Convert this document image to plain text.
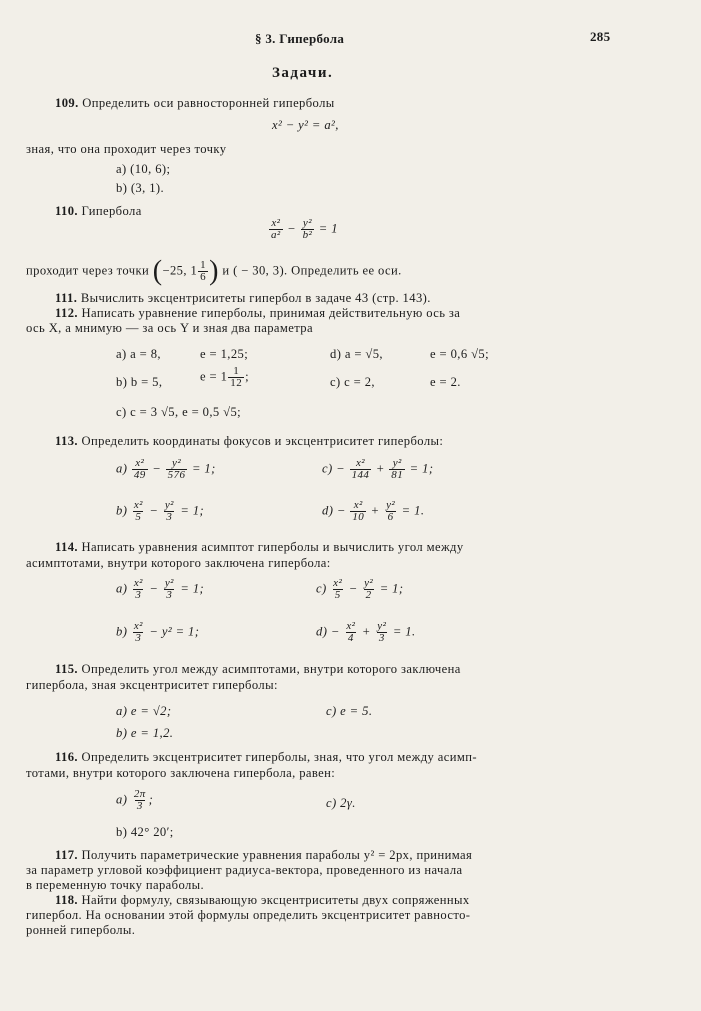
§ 3. Гипербола	285
Задачи.
109. Определить оси равносторонней гиперболы
x² − y² = a²,
зная, что она проходит через точку
a) (10, 6);
b) (3, 1).
110. Гипербола
$\frac{\text{x²}}{\text{a²}} - \frac{\text{y²}}{\text{b²}} = 1$
проходит через точки (−25, $1 \frac{1}{6}$ ) и ( − 30, 3). Определить ее оси.
111. Вычислить эксцентриситеты гипербол в задаче 43 (стр. 143).
112. Написать уравнение гиперболы, принимая действительную ось за
ось X, а мнимую — за ось Y и зная два параметра
a) a = 8,	e = 1,25;	d) a = √5,	e = 0,6 √5;
b) b = 5,	$e = 1 \frac{1}{12}$ ;	c) c = 2,	e = 2.
c) c = 3 √5, e = 0,5 √5;
113. Определить координаты фокусов и эксцентриситет гиперболы:
$a) \frac{\text{x²}}{49} - \frac{\text{y²}}{576} = 1$;	$c) - \frac{\text{x²}}{144} + \frac{\text{y²}}{81} = 1$;
$b) \frac{\text{x²}}{5} - \frac{\text{y²}}{3} = 1$;	$d) - \frac{\text{x²}}{10} + \frac{\text{y²}}{6} = 1$.
114. Написать уравнения асимптот гиперболы и вычислить угол между
асимптотами, внутри которого заключена гипербола:
$a) \frac{\text{x²}}{3} - \frac{\text{y²}}{3} = 1$;	$c) \frac{\text{x²}}{5} - \frac{\text{y²}}{2} = 1$;
$b) \frac{\text{x²}}{3} - y^2 = 1$;	$d) - \frac{\text{x²}}{4} + \frac{\text{y²}}{3} = 1$.
115. Определить угол между асимптотами, внутри которого заключена
гипербола, зная эксцентриситет гиперболы:
a) e = √2;	c) e = 5.
b) e = 1,2.
116. Определить эксцентриситет гиперболы, зная, что угол между асимп-
тотами, внутри которого заключена гипербола, равен:
$a) \frac{2\pi}{3}$ ;	c) 2γ.
b) 42° 20′;
117. Получить параметрические уравнения параболы y² = 2px, принимая
за параметр угловой коэффициент радиуса-вектора, проведенного из начала
в переменную точку параболы.
118. Найти формулу, связывающую эксцентриситеты двух сопряженных
гипербол. На основании этой формулы определить эксцентриситет равносто-
ронней гиперболы.
